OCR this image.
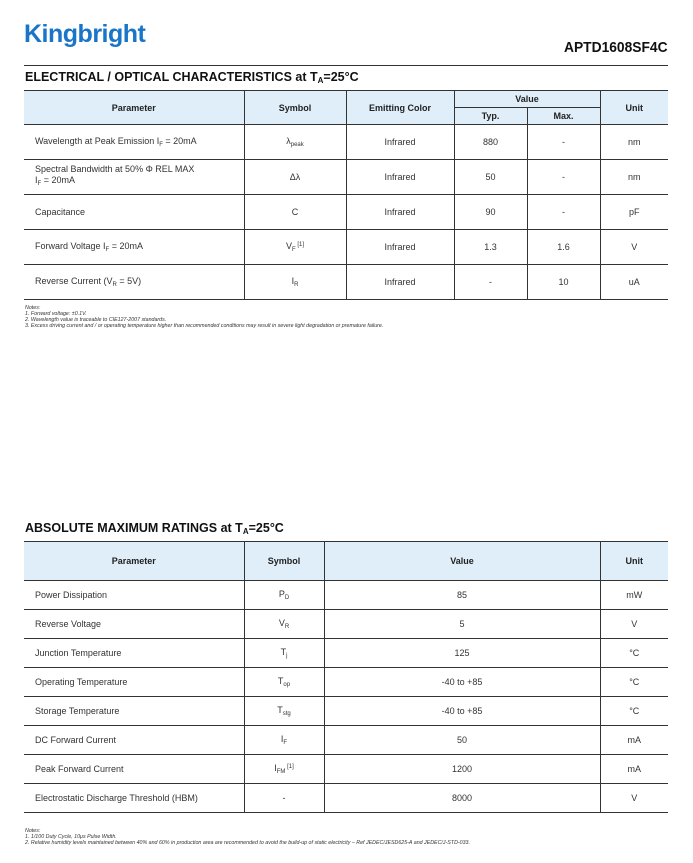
Kingbright	APTD1608SF4C
ELECTRICAL / OPTICAL CHARACTERISTICS at $T_A=25^\circ C$
Parameter	Symbol	Emitting Color	Value		Unit
			Typ.	Max.	
Wavelength at Peak Emission $I_F = 20mA$	$\lambda_{peak}$	Infrared	880	-	nm
Spectral Bandwidth at 50% Φ REL MAX
$I_F = 20mA$	Δλ	Infrared	50	-	nm
Capacitance	C	Infrared	90	-	pF
Forward Voltage $I_F = 20mA$	$V_F$ [1]	Infrared	1.3	1.6	V
Reverse Current $(V_R = 5V)$	$I_R$	Infrared	-	10	uA
Notes:
1. Forward voltage: ±0.1V.
2. Wavelength value is traceable to CIE127-2007 standards.
3. Excess driving current and / or operating temperature higher than recommended conditions may result in severe light degradation or premature failure.
ABSOLUTE MAXIMUM RATINGS at $T_A=25^\circ C$
Parameter	Symbol	Value	Unit
Power Dissipation	$P_D$	85	mW
Reverse Voltage	$V_R$	5	V
Junction Temperature	$T_j$	125	°C
Operating Temperature	$T_{op}$	-40 to +85	°C
Storage Temperature	$T_{stg}$	-40 to +85	°C
DC Forward Current	$I_F$	50	mA
Peak Forward Current	$I_{FM}$ [1]	1200	mA
Electrostatic Discharge Threshold (HBM)	-	8000	V
Notes:
1. 1/100 Duty Cycle, 10μs Pulse Width.
2. Relative humidity levels maintained between 40% and 60% in production area are recommended to avoid the build-up of static electricity – Ref JEDEC/JESD625-A and JEDEC/J-STD-033.
